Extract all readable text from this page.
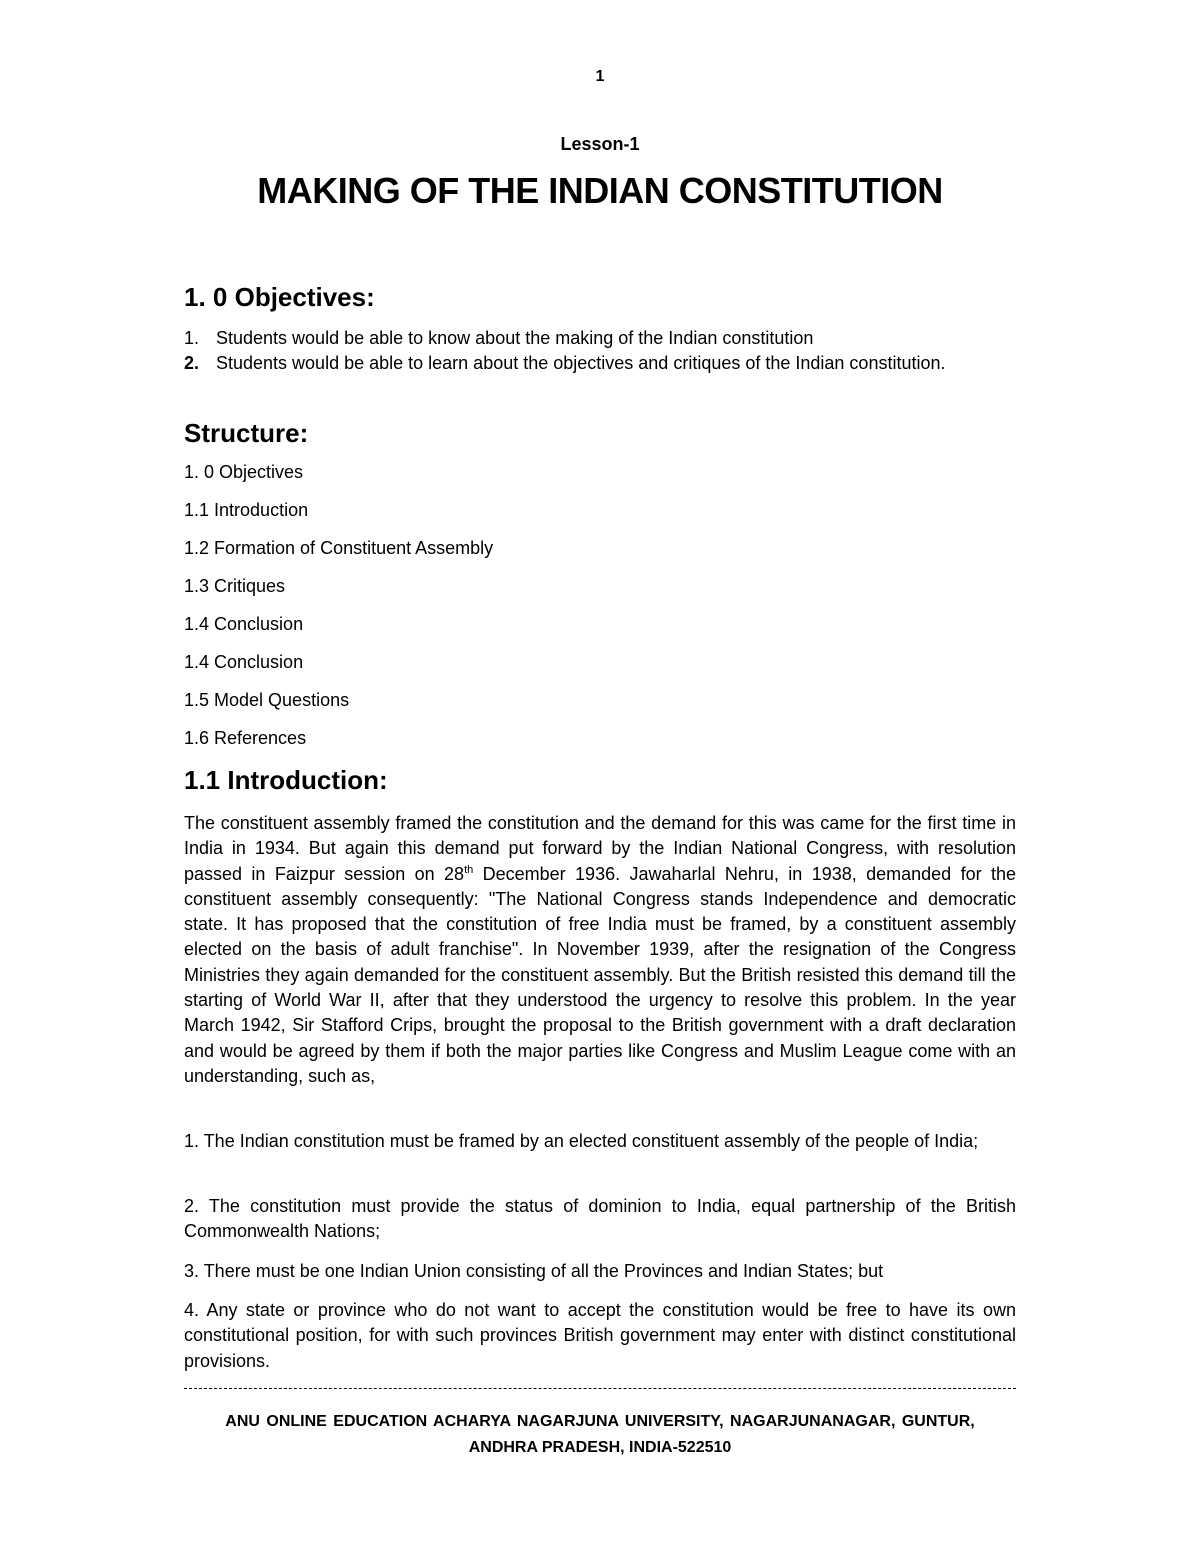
1
Lesson-1
MAKING OF THE INDIAN CONSTITUTION
1. 0 Objectives:
1. Students would be able to know about the making of the Indian constitution
2. Students would be able to learn about the objectives and critiques of the Indian constitution.
Structure:
1. 0 Objectives
1.1 Introduction
1.2 Formation of Constituent Assembly
1.3 Critiques
1.4 Conclusion
1.4 Conclusion
1.5 Model Questions
1.6 References
1.1 Introduction:

The constituent assembly framed the constitution and the demand for this was came for the first time in India in 1934. But again this demand put forward by the Indian National Congress, with resolution passed in Faizpur session on 28th December 1936. Jawaharlal Nehru, in 1938, demanded for the constituent assembly consequently: "The National Congress stands Independence and democratic state. It has proposed that the constitution of free India must be framed, by a constituent assembly elected on the basis of adult franchise". In November 1939, after the resignation of the Congress Ministries they again demanded for the constituent assembly. But the British resisted this demand till the starting of World War II, after that they understood the urgency to resolve this problem. In the year March 1942, Sir Stafford Crips, brought the proposal to the British government with a draft declaration and would be agreed by them if both the major parties like Congress and Muslim League come with an understanding, such as,

1. The Indian constitution must be framed by an elected constituent assembly of the people of India;

2. The constitution must provide the status of dominion to India, equal partnership of the British Commonwealth Nations;

3. There must be one Indian Union consisting of all the Provinces and Indian States; but

4. Any state or province who do not want to accept the constitution would be free to have its own constitutional position, for with such provinces British government may enter with distinct constitutional provisions.

ANU ONLINE EDUCATION ACHARYA NAGARJUNA UNIVERSITY, NAGARJUNANAGAR, GUNTUR,
ANDHRA PRADESH, INDIA-522510
